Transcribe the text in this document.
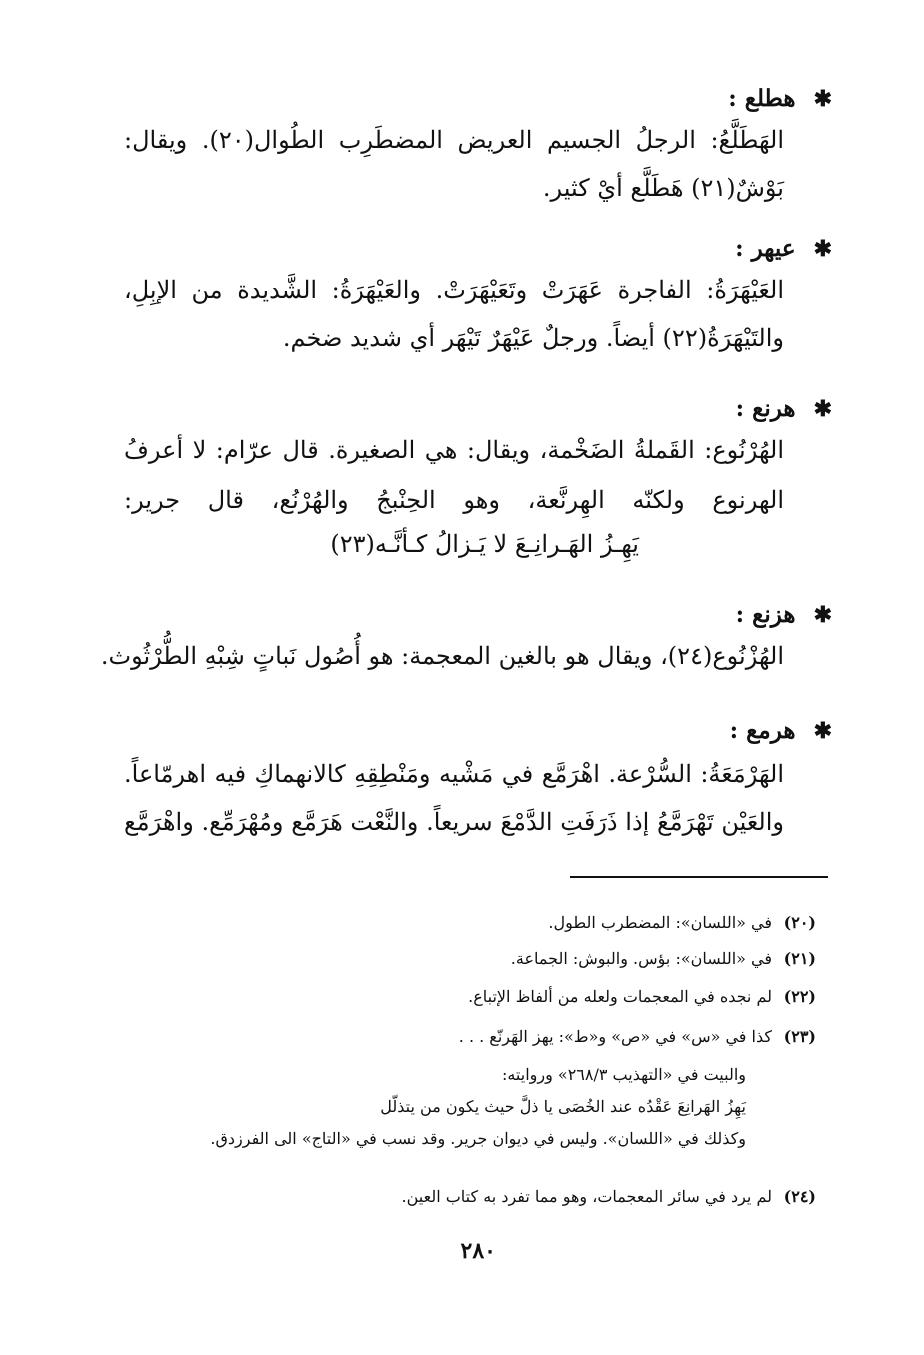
✱هطلع :
الهَطَلَّعُ: الرجلُ الجسيم العريض المضطَرِب الطُوال(٢٠). ويقال:
بَوْشٌ(٢١) هَطَلَّع أيْ كثير.
✱عيهر :
العَيْهَرَةُ: الفاجرة عَهَرَتْ وتَعَيْهَرَتْ. والعَيْهَرَةُ: الشَّديدة من الإبِلِ،
والتَيْهَرَةُ(٢٢) أيضاً. ورجلٌ عَيْهَرٌ تَيْهَر أي شديد ضخم.
✱هرنع :
الهُرْنُوع: القَملةُ الضَخْمة، ويقال: هي الصغيرة. قال عرّام: لا أعرفُ
الهرنوع ولكنّه الهِرنَّعة، وهو الحِنْبجُ والهُرْنُع، قال جرير:
يَهِـزُ الهَـرانِـعَ لا يَـزالُ كـأنَّـه(٢٣)
✱هزنع :
الهُزْنُوع(٢٤)، ويقال هو بالغين المعجمة: هو أُصُول نَباتٍ شِبْهِ الطُّرْثُوث.
✱هرمع :
الهَرْمَعَةُ: السُّرْعة. اهْرَمَّع في مَشْيه ومَنْطِقِهِ كالانهماكِ فيه اهرمّاعاً.
والعَيْن تَهْرَمَّعُ إذا ذَرَفَتِ الدَّمْعَ سريعاً. والنَّعْت هَرَمَّع ومُهْرَمِّع. واهْرَمَّع
(٢٠)في «اللسان»: المضطرب الطول.
(٢١)في «اللسان»: بؤس. والبوش: الجماعة.
(٢٢)لم نجده في المعجمات ولعله من ألفاظ الإتباع.
(٢٣)كذا في «س» في «ص» و«ط»: يهز الهَرنّع . . .
والبيت في «التهذيب ٢٦٨/٣» وروايته:
يَهِزُ الهَرانِعَ عَقْدُه عند الخُصَى يا ذلَّ حيث يكون من يتذلّل
وكذلك في «اللسان». وليس في ديوان جرير. وقد نسب في «التاج» الى الفرزدق.
(٢٤)لم يرد في سائر المعجمات، وهو مما تفرد به كتاب العين.
٢٨٠
